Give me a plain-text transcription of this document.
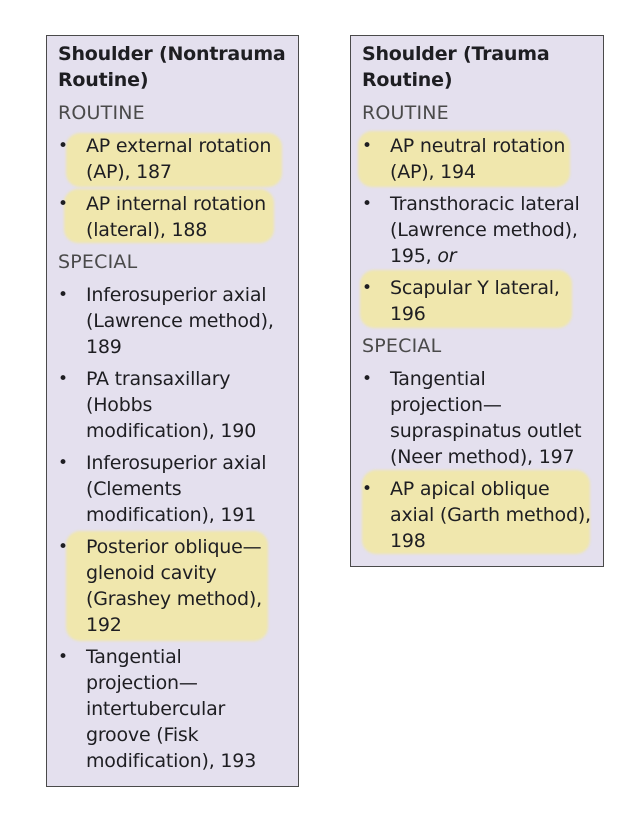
Shoulder (Nontrauma
Routine)
ROUTINE
• AP external rotation
(AP), 187
• AP internal rotation
(lateral), 188
SPECIAL
• Inferosuperior axial
(Lawrence method),
189
• PA transaxillary
(Hobbs
modification), 190
• Inferosuperior axial
(Clements
modification), 191
• Posterior oblique—
glenoid cavity
(Grashey method),
192
• Tangential
projection—
intertubercular
groove (Fisk
modification), 193
Shoulder (Trauma
Routine)
ROUTINE
• AP neutral rotation
(AP), 194
• Transthoracic lateral
(Lawrence method),
195, or
• Scapular Y lateral,
196
SPECIAL
• Tangential
projection—
supraspinatus outlet
(Neer method), 197
• AP apical oblique
axial (Garth method),
198
